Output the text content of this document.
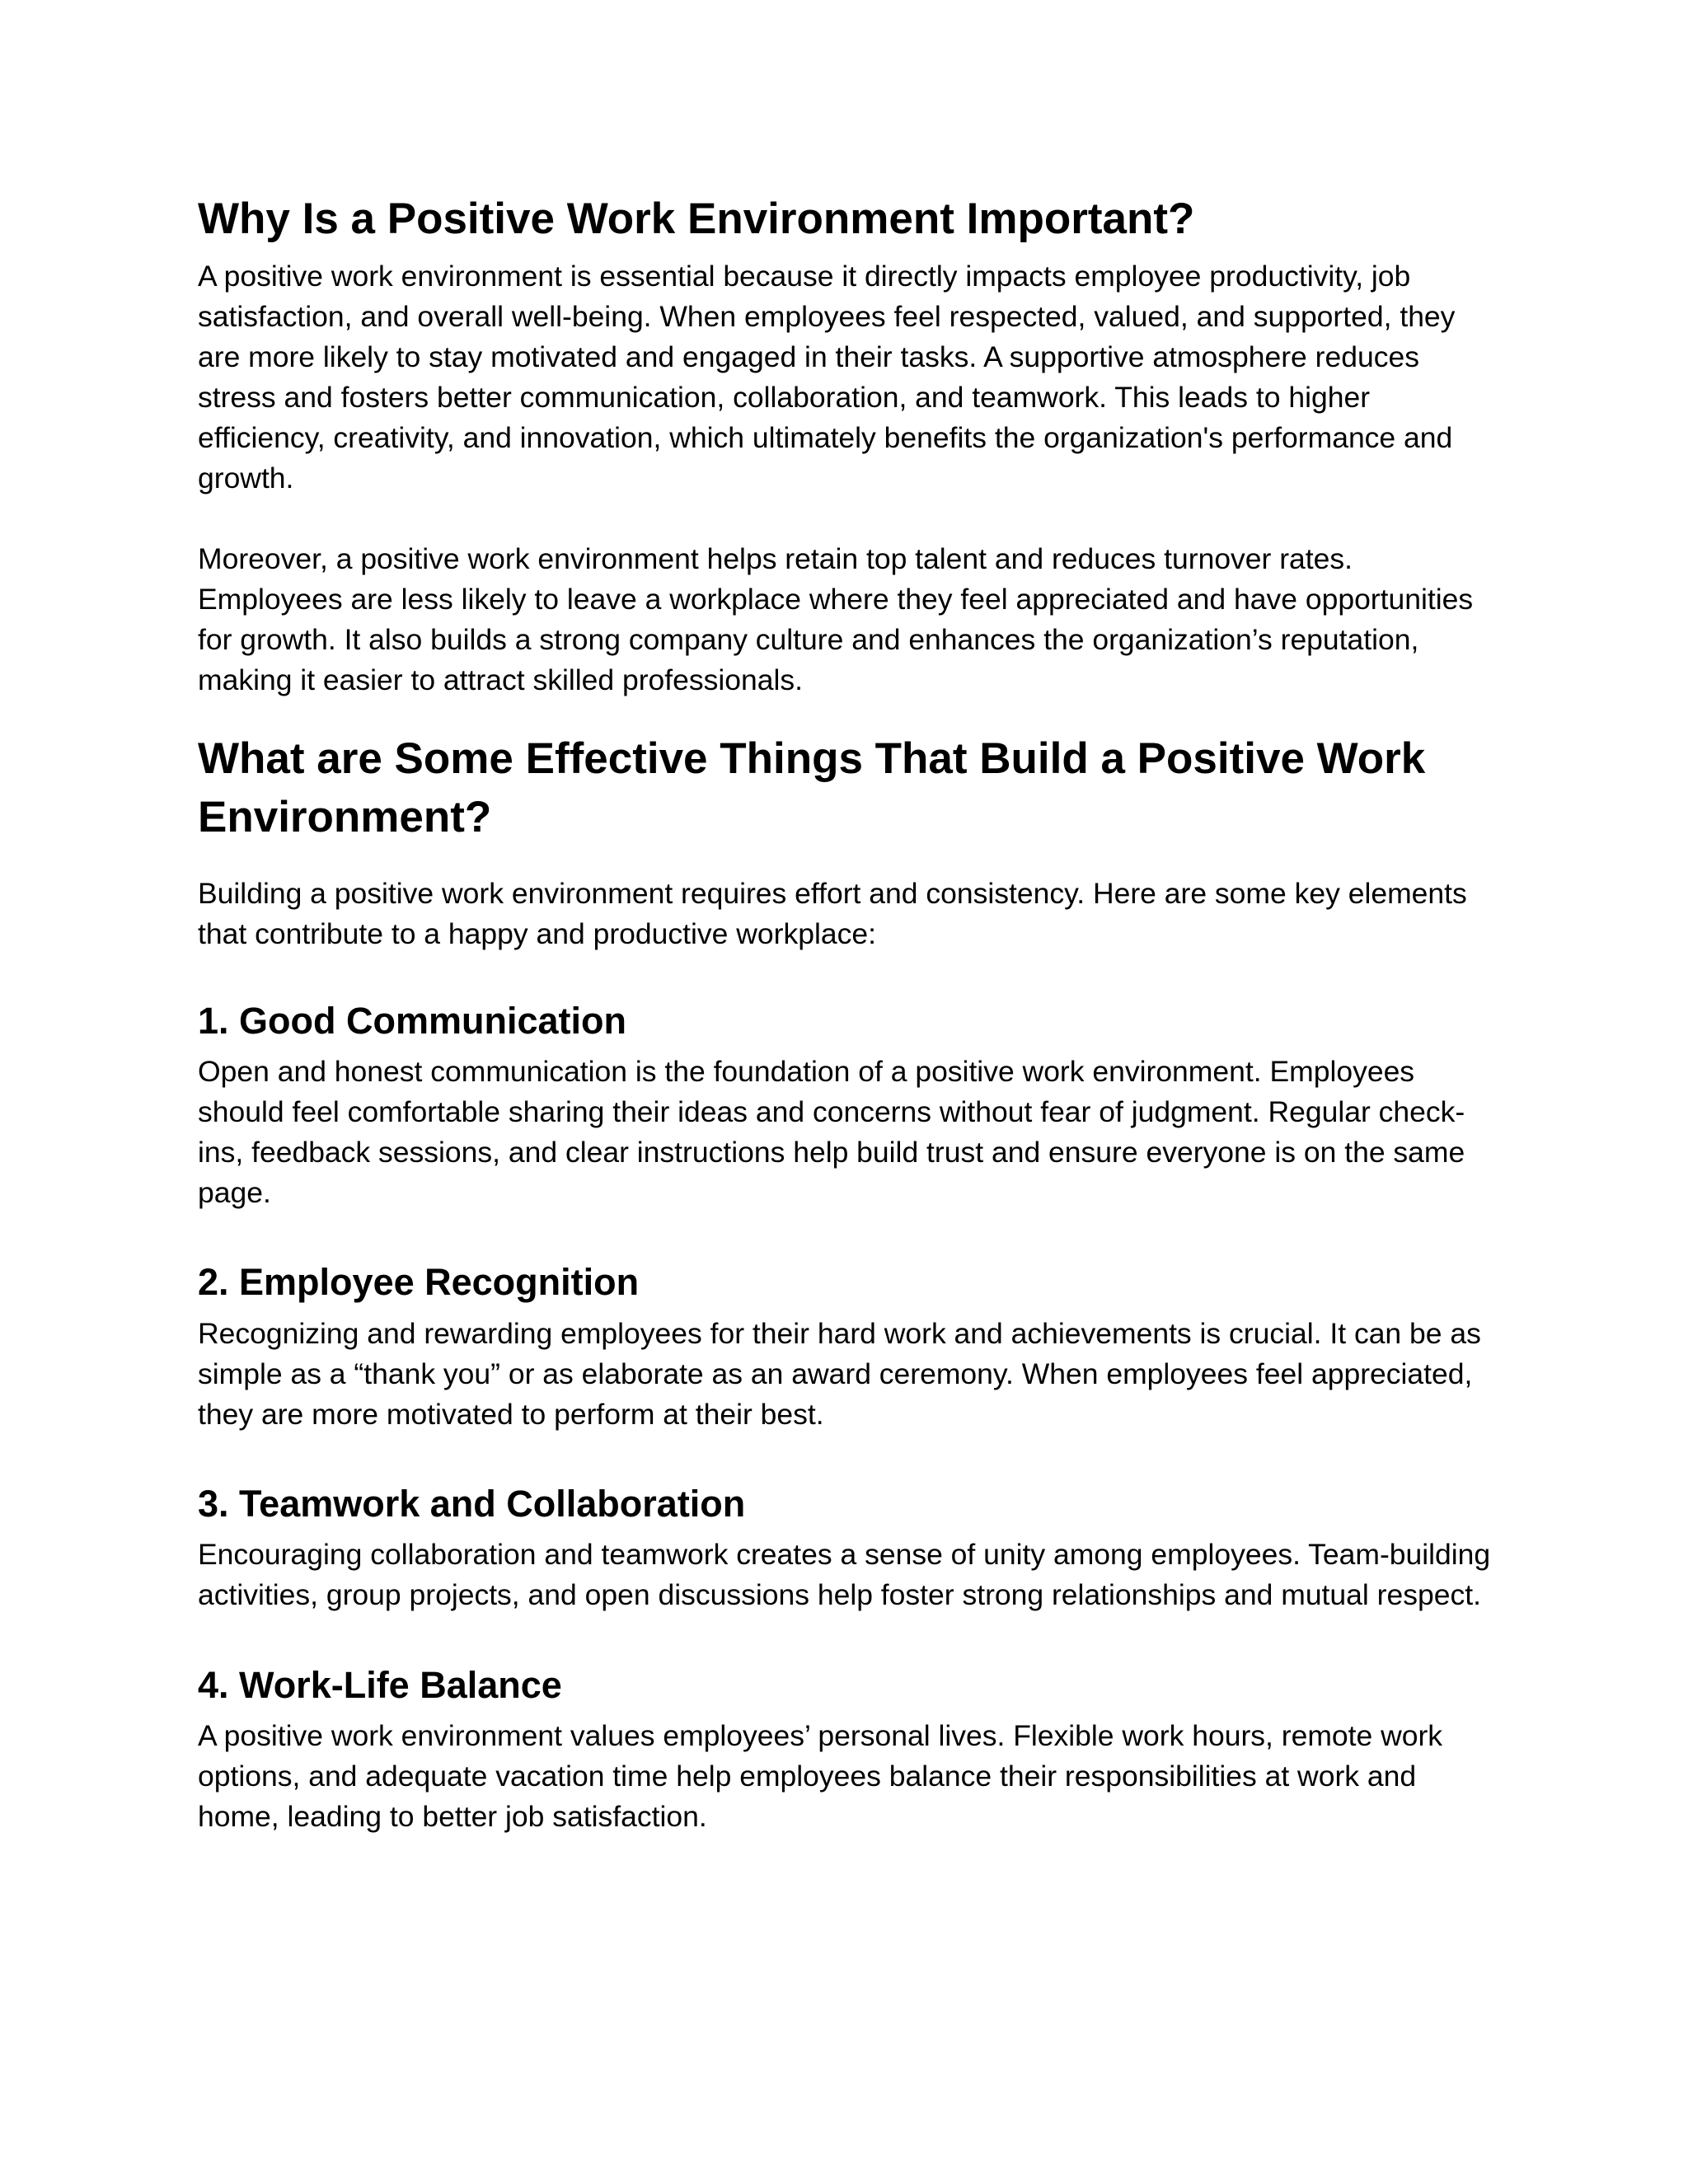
Why Is a Positive Work Environment Important?

A positive work environment is essential because it directly impacts employee productivity, job satisfaction, and overall well-being. When employees feel respected, valued, and supported, they are more likely to stay motivated and engaged in their tasks. A supportive atmosphere reduces stress and fosters better communication, collaboration, and teamwork. This leads to higher efficiency, creativity, and innovation, which ultimately benefits the organization's performance and growth.

Moreover, a positive work environment helps retain top talent and reduces turnover rates. Employees are less likely to leave a workplace where they feel appreciated and have opportunities for growth. It also builds a strong company culture and enhances the organization’s reputation, making it easier to attract skilled professionals.

What are Some Effective Things That Build a Positive Work Environment?

Building a positive work environment requires effort and consistency. Here are some key elements that contribute to a happy and productive workplace:

1. Good Communication

Open and honest communication is the foundation of a positive work environment. Employees should feel comfortable sharing their ideas and concerns without fear of judgment. Regular check-ins, feedback sessions, and clear instructions help build trust and ensure everyone is on the same page.

2. Employee Recognition

Recognizing and rewarding employees for their hard work and achievements is crucial. It can be as simple as a “thank you” or as elaborate as an award ceremony. When employees feel appreciated, they are more motivated to perform at their best.

3. Teamwork and Collaboration

Encouraging collaboration and teamwork creates a sense of unity among employees. Team-building activities, group projects, and open discussions help foster strong relationships and mutual respect.

4. Work-Life Balance

A positive work environment values employees’ personal lives. Flexible work hours, remote work options, and adequate vacation time help employees balance their responsibilities at work and home, leading to better job satisfaction.
